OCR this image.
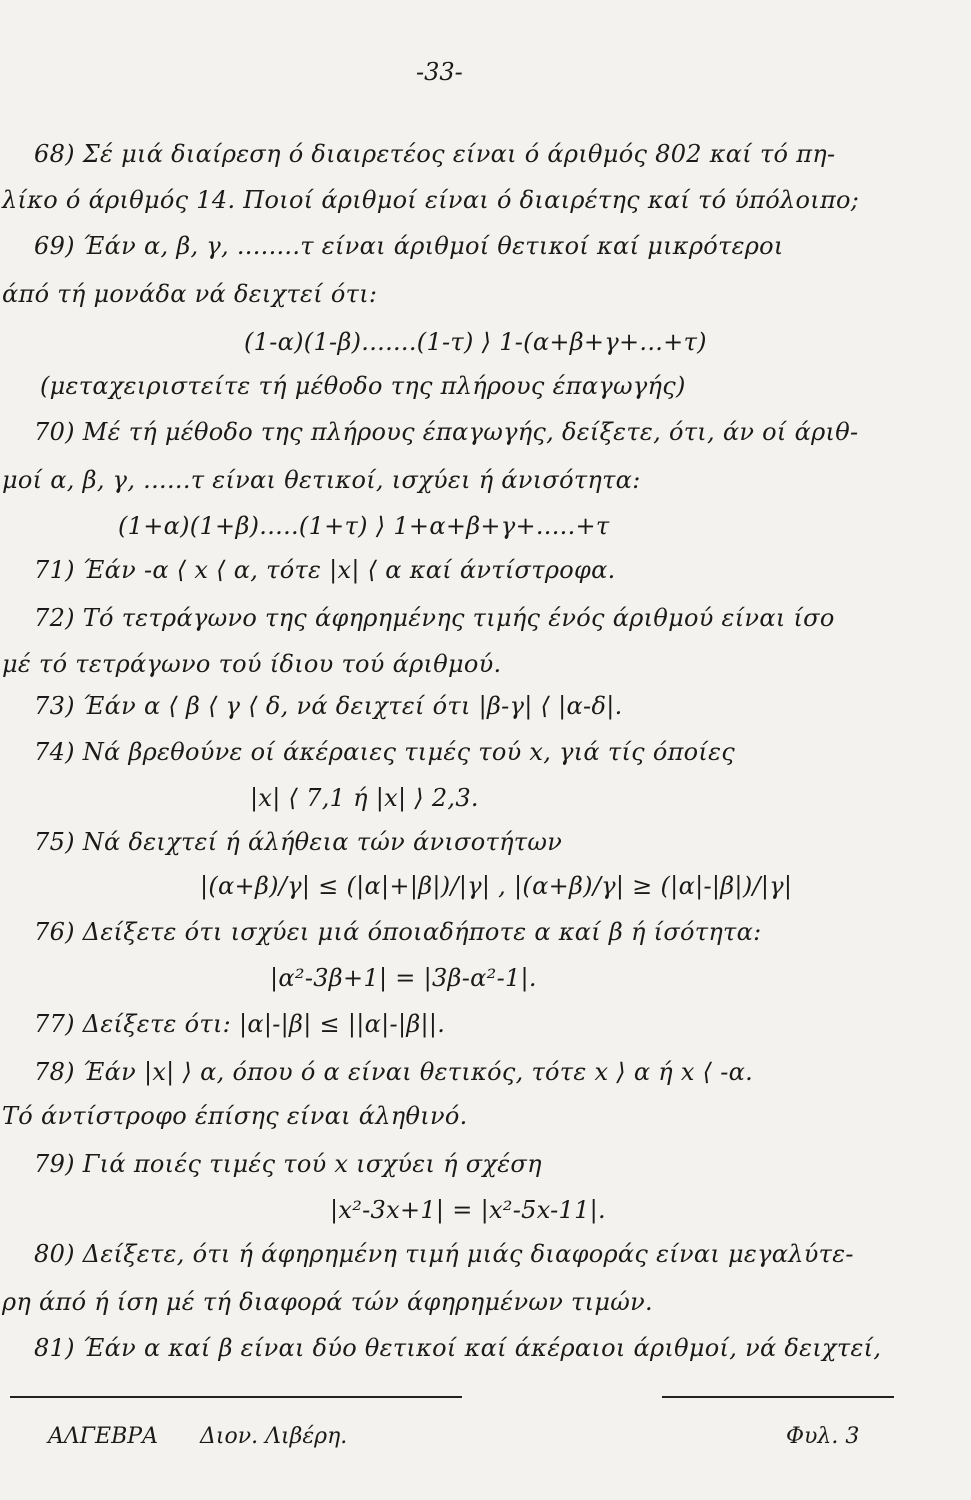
-33-
68) Σέ μιά διαίρεση ό διαιρετέος είναι ό άριθμός 802 καί τό πη-
λίκο ό άριθμός 14. Ποιοί άριθμοί είναι ό διαιρέτης καί τό ύπόλοιπο;
69) Έάν α, β, γ, ........τ είναι άριθμοί θετικοί καί μικρότεροι
άπό τή μονάδα νά δειχτεί ότι:
(1-α)(1-β).......(1-τ) ⟩ 1-(α+β+γ+...+τ)
(μεταχειριστείτε τή μέθοδο της πλήρους έπαγωγής)
70) Μέ τή μέθοδο της πλήρους έπαγωγής, δείξετε, ότι, άν οί άριθ-
μοί α, β, γ, ......τ είναι θετικοί, ισχύει ή άνισότητα:
(1+α)(1+β).....(1+τ) ⟩ 1+α+β+γ+.....+τ
71) Έάν -α ⟨ x ⟨ α, τότε |x| ⟨ α καί άντίστροφα.
72) Τό τετράγωνο της άφηρημένης τιμής ένός άριθμού είναι ίσο
μέ τό τετράγωνο τού ίδιου τού άριθμού.
73) Έάν α ⟨ β ⟨ γ ⟨ δ, νά δειχτεί ότι |β-γ| ⟨ |α-δ|.
74) Νά βρεθούνε οί άκέραιες τιμές τού x, γιά τίς όποίες
|x| ⟨ 7,1 ή |x| ⟩ 2,3.
75) Νά δειχτεί ή άλήθεια τών άνισοτήτων
|(α+β)/γ| ≤ (|α|+|β|)/|γ| , |(α+β)/γ| ≥ (|α|-|β|)/|γ|
76) Δείξετε ότι ισχύει μιά όποιαδήποτε α καί β ή ίσότητα:
|α²-3β+1| = |3β-α²-1|.
77) Δείξετε ότι: |α|-|β| ≤ ||α|-|β||.
78) Έάν |x| ⟩ α, όπου ό α είναι θετικός, τότε x ⟩ α ή x ⟨ -α.
Τό άντίστροφο έπίσης είναι άληθινό.
79) Γιά ποιές τιμές τού x ισχύει ή σχέση
|x²-3x+1| = |x²-5x-11|.
80) Δείξετε, ότι ή άφηρημένη τιμή μιάς διαφοράς είναι μεγαλύτε-
ρη άπό ή ίση μέ τή διαφορά τών άφηρημένων τιμών.
81) Έάν α καί β είναι δύο θετικοί καί άκέραιοι άριθμοί, νά δειχτεί,
ΑΛΓΕΒΡΑ Διον. Λιβέρη.	Φυλ. 3
